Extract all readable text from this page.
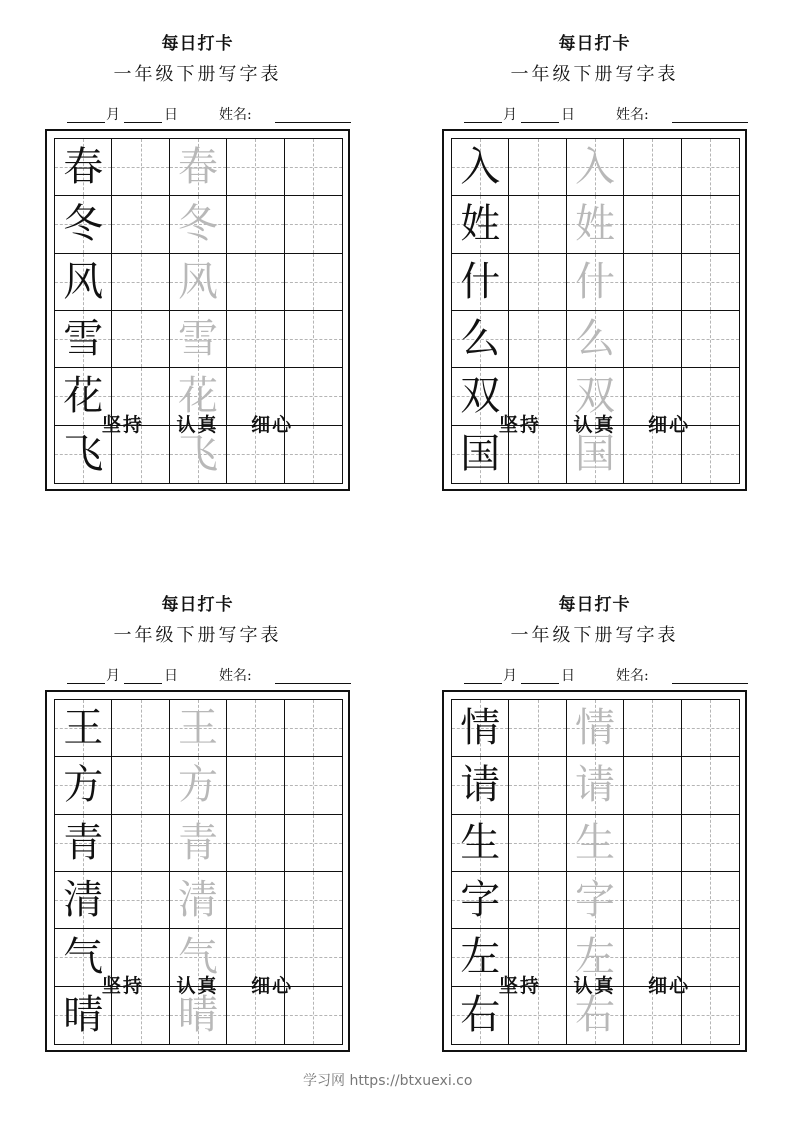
每日打卡
一年级下册写字表
月	日	姓名:
春 春
冬 冬
风 风
雪 雪
花 花
飞 飞
坚持 认真 细心
每日打卡
一年级下册写字表
月	日	姓名:
入 入
姓 姓
什 什
么 么
双 双
国 国
坚持 认真 细心
每日打卡
一年级下册写字表
月	日	姓名:
王 王
方 方
青 青
清 清
气 气
晴 晴
坚持 认真 细心
每日打卡
一年级下册写字表
月	日	姓名:
情 情
请 请
生 生
字 字
左 左
右 右
坚持 认真 细心
学习网 https://btxuexi.co
